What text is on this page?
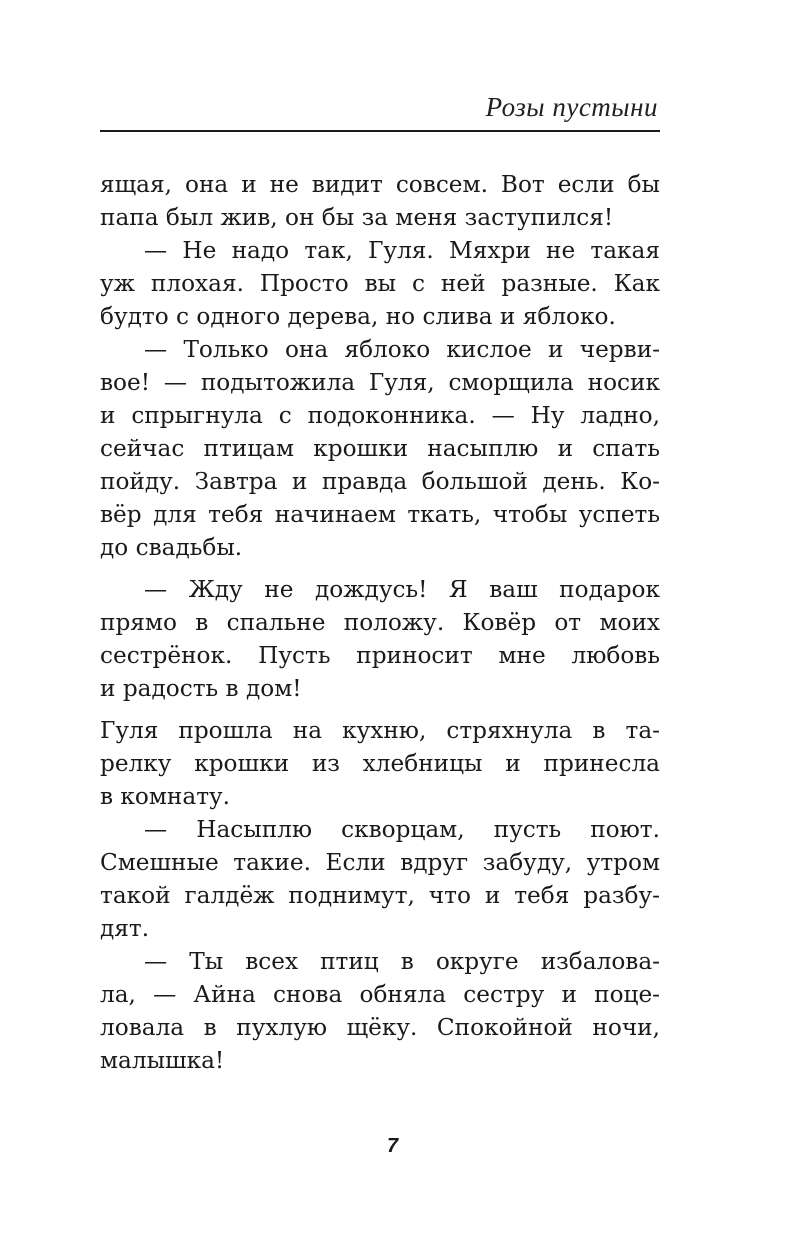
Розы пустыни
ящая, она и не видит совсем. Вот если бы
папа был жив, он бы за меня заступился!
— Не надо так, Гуля. Мяхри не такая
уж плохая. Просто вы с ней разные. Как
будто с одного дерева, но слива и яблоко.
— Только она яблоко кислое и черви-
вое! — подытожила Гуля, сморщила носик
и спрыгнула с подоконника. — Ну ладно,
сейчас птицам крошки насыплю и спать
пойду. Завтра и правда большой день. Ко-
вёр для тебя начинаем ткать, чтобы успеть
до свадьбы.
— Жду не дождусь! Я ваш подарок
прямо в спальне положу. Ковёр от моих
сестрёнок. Пусть приносит мне любовь
и радость в дом!
Гуля прошла на кухню, стряхнула в та-
релку крошки из хлебницы и принесла
в комнату.
— Насыплю скворцам, пусть поют.
Смешные такие. Если вдруг забуду, утром
такой галдёж поднимут, что и тебя разбу-
дят.
— Ты всех птиц в округе избалова-
ла, — Айна снова обняла сестру и поце-
ловала в пухлую щёку. Спокойной ночи,
малышка!
7
